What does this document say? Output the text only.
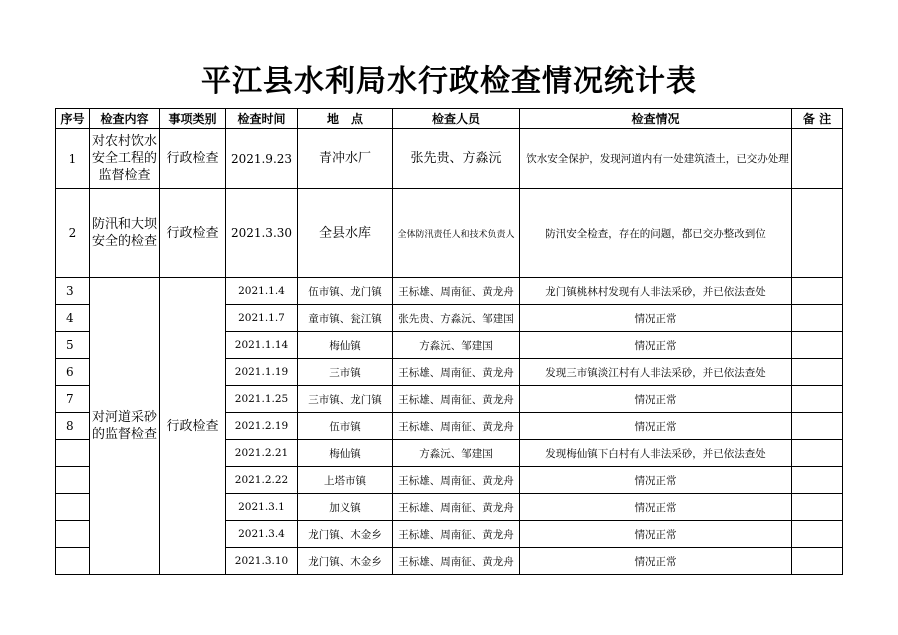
平江县水利局水行政检查情况统计表
序号	检查内容	事项类别	检查时间	地　点	检查人员	检查情况	备 注
1	对农村饮水安全工程的监督检查	行政检查	2021.9.23	青冲水厂	张先贵、方淼沅	饮水安全保护，发现河道内有一处建筑渣土，已交办处理	
2	防汛和大坝安全的检查	行政检查	2021.3.30	全县水库	全体防汛责任人和技术负责人	防汛安全检查，存在的问题，都已交办整改到位	
3	对河道采砂的监督检查	行政检查	2021.1.4	伍市镇、龙门镇	王标雄、周南征、黄龙舟	龙门镇桃林村发现有人非法采砂，并已依法查处	
4			2021.1.7	童市镇、瓮江镇	张先贵、方淼沅、邹建国	情况正常	
5			2021.1.14	梅仙镇	方淼沅、邹建国	情况正常	
6			2021.1.19	三市镇	王标雄、周南征、黄龙舟	发现三市镇淡江村有人非法采砂，并已依法查处	
7			2021.1.25	三市镇、龙门镇	王标雄、周南征、黄龙舟	情况正常	
8			2021.2.19	伍市镇	王标雄、周南征、黄龙舟	情况正常	
			2021.2.21	梅仙镇	方淼沅、邹建国	发现梅仙镇下白村有人非法采砂，并已依法查处	
			2021.2.22	上塔市镇	王标雄、周南征、黄龙舟	情况正常	
			2021.3.1	加义镇	王标雄、周南征、黄龙舟	情况正常	
			2021.3.4	龙门镇、木金乡	王标雄、周南征、黄龙舟	情况正常	
			2021.3.10	龙门镇、木金乡	王标雄、周南征、黄龙舟	情况正常	
